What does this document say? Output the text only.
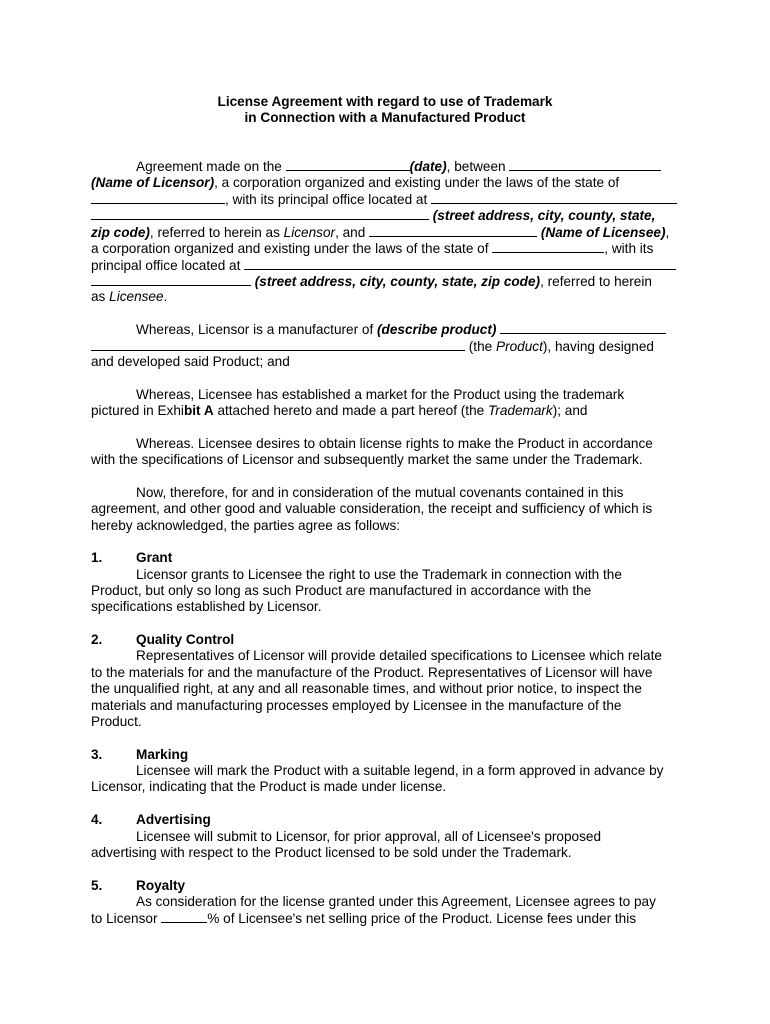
License Agreement with regard to use of Trademark
in Connection with a Manufactured Product
Agreement made on the	(date), between
(Name of Licensor), a corporation organized and existing under the laws of the state of
, with its principal office located at
(street address, city, county, state,
zip code), referred to herein as Licensor, and	(Name of Licensee),
a corporation organized and existing under the laws of the state of	, with its
principal office located at
(street address, city, county, state, zip code), referred to herein
as Licensee.
Whereas, Licensor is a manufacturer of (describe product)
(the Product), having designed
and developed said Product; and
Whereas, Licensee has established a market for the Product using the trademark
pictured in Exhibit A attached hereto and made a part hereof (the Trademark); and
Whereas. Licensee desires to obtain license rights to make the Product in accordance
with the specifications of Licensor and subsequently market the same under the Trademark.
Now, therefore, for and in consideration of the mutual covenants contained in this
agreement, and other good and valuable consideration, the receipt and sufficiency of which is
hereby acknowledged, the parties agree as follows:
1. Grant
Licensor grants to Licensee the right to use the Trademark in connection with the
Product, but only so long as such Product are manufactured in accordance with the
specifications established by Licensor.
2. Quality Control
Representatives of Licensor will provide detailed specifications to Licensee which relate
to the materials for and the manufacture of the Product. Representatives of Licensor will have
the unqualified right, at any and all reasonable times, and without prior notice, to inspect the
materials and manufacturing processes employed by Licensee in the manufacture of the
Product.
3. Marking
Licensee will mark the Product with a suitable legend, in a form approved in advance by
Licensor, indicating that the Product is made under license.
4. Advertising
Licensee will submit to Licensor, for prior approval, all of Licensee's proposed
advertising with respect to the Product licensed to be sold under the Trademark.
5. Royalty
As consideration for the license granted under this Agreement, Licensee agrees to pay
to Licensor	% of Licensee's net selling price of the Product. License fees under this
